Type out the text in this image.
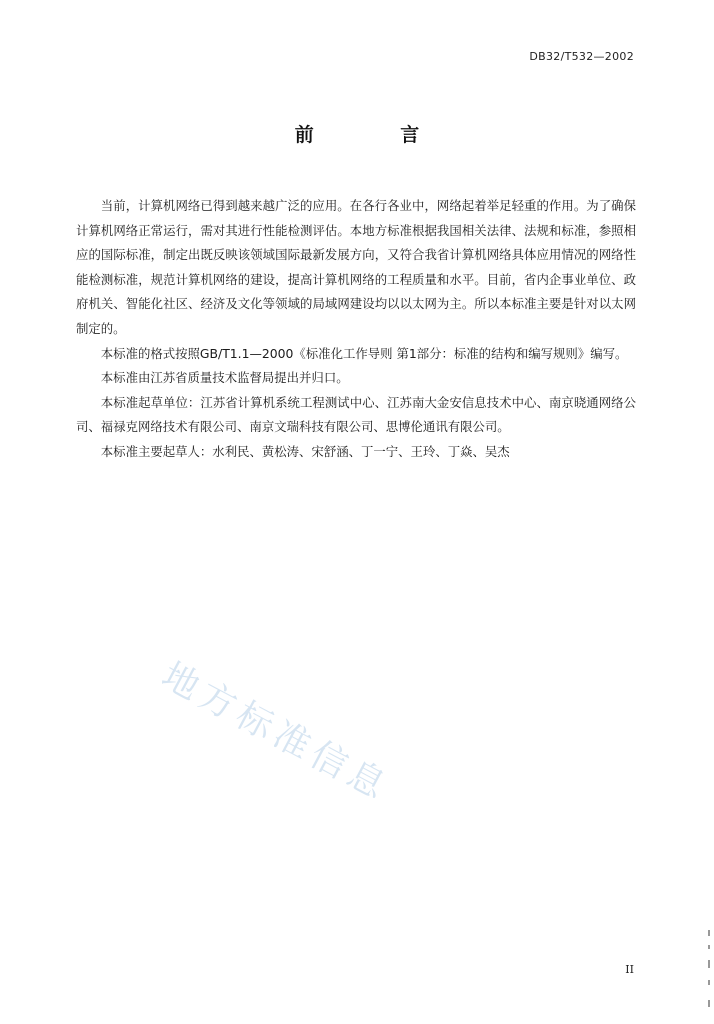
DB32/T532—2002
前 言

当前，计算机网络已得到越来越广泛的应用。在各行各业中，网络起着举足轻重的作用。为了确保计算机网络正常运行，需对其进行性能检测评估。本地方标准根据我国相关法律、法规和标准，参照相应的国际标准，制定出既反映该领域国际最新发展方向，又符合我省计算机网络具体应用情况的网络性能检测标准，规范计算机网络的建设，提高计算机网络的工程质量和水平。目前，省内企事业单位、政府机关、智能化社区、经济及文化等领域的局域网建设均以以太网为主。所以本标准主要是针对以太网制定的。

本标准的格式按照GB/T1.1—2000《标准化工作导则 第1部分：标准的结构和编写规则》编写。

本标准由江苏省质量技术监督局提出并归口。

本标准起草单位：江苏省计算机系统工程测试中心、江苏南大金安信息技术中心、南京晓通网络公司、福禄克网络技术有限公司、南京文瑞科技有限公司、思博伦通讯有限公司。

本标准主要起草人：水利民、黄松涛、宋舒涵、丁一宁、王玲、丁焱、吴杰

地方标准信息
II
